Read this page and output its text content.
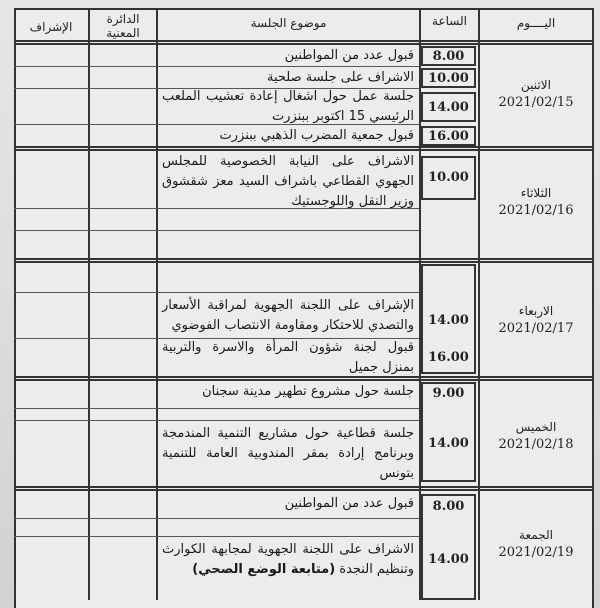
الإشراف
الدائرة المعنية
موضوع الجلسة	الساعة	اليــــوم
8.00
قبول عدد من المواطنين
10.00
الاشراف على جلسة صلحية
14.00
جلسة عمل حول اشغال إعادة تعشيب الملعب الرئيسي 15 اكتوبر ببنزرت
16.00
قبول جمعية المضرب الذهبي ببنزرت
الاثنين
2021/02/15
10.00
الاشراف على النيابة الخصوصية للمجلس الجهوي القطاعي باشراف السيد معز شقشوق وزير النقل واللوجستيك
الثلاثاء
2021/02/16
14.00
الإشراف على اللجنة الجهوية لمراقبة الأسعار والتصدي للاحتكار ومقاومة الانتصاب الفوضوي
16.00
قبول لجنة شؤون المرأة والاسرة والتربية بمنزل جميل
الاربعاء
2021/02/17
9.00
جلسة حول مشروع تطهير مدينة سجنان
14.00
جلسة قطاعية حول مشاريع التنمية المندمجة وبرنامج إرادة بمقر المندوبية العامة للتنمية بتونس
الخميس
2021/02/18
8.00
قبول عدد من المواطنين
14.00
الاشراف على اللجنة الجهوية لمجابهة الكوارث وتنظيم النجدة (متابعة الوضع الصحي)
الجمعة
2021/02/19
